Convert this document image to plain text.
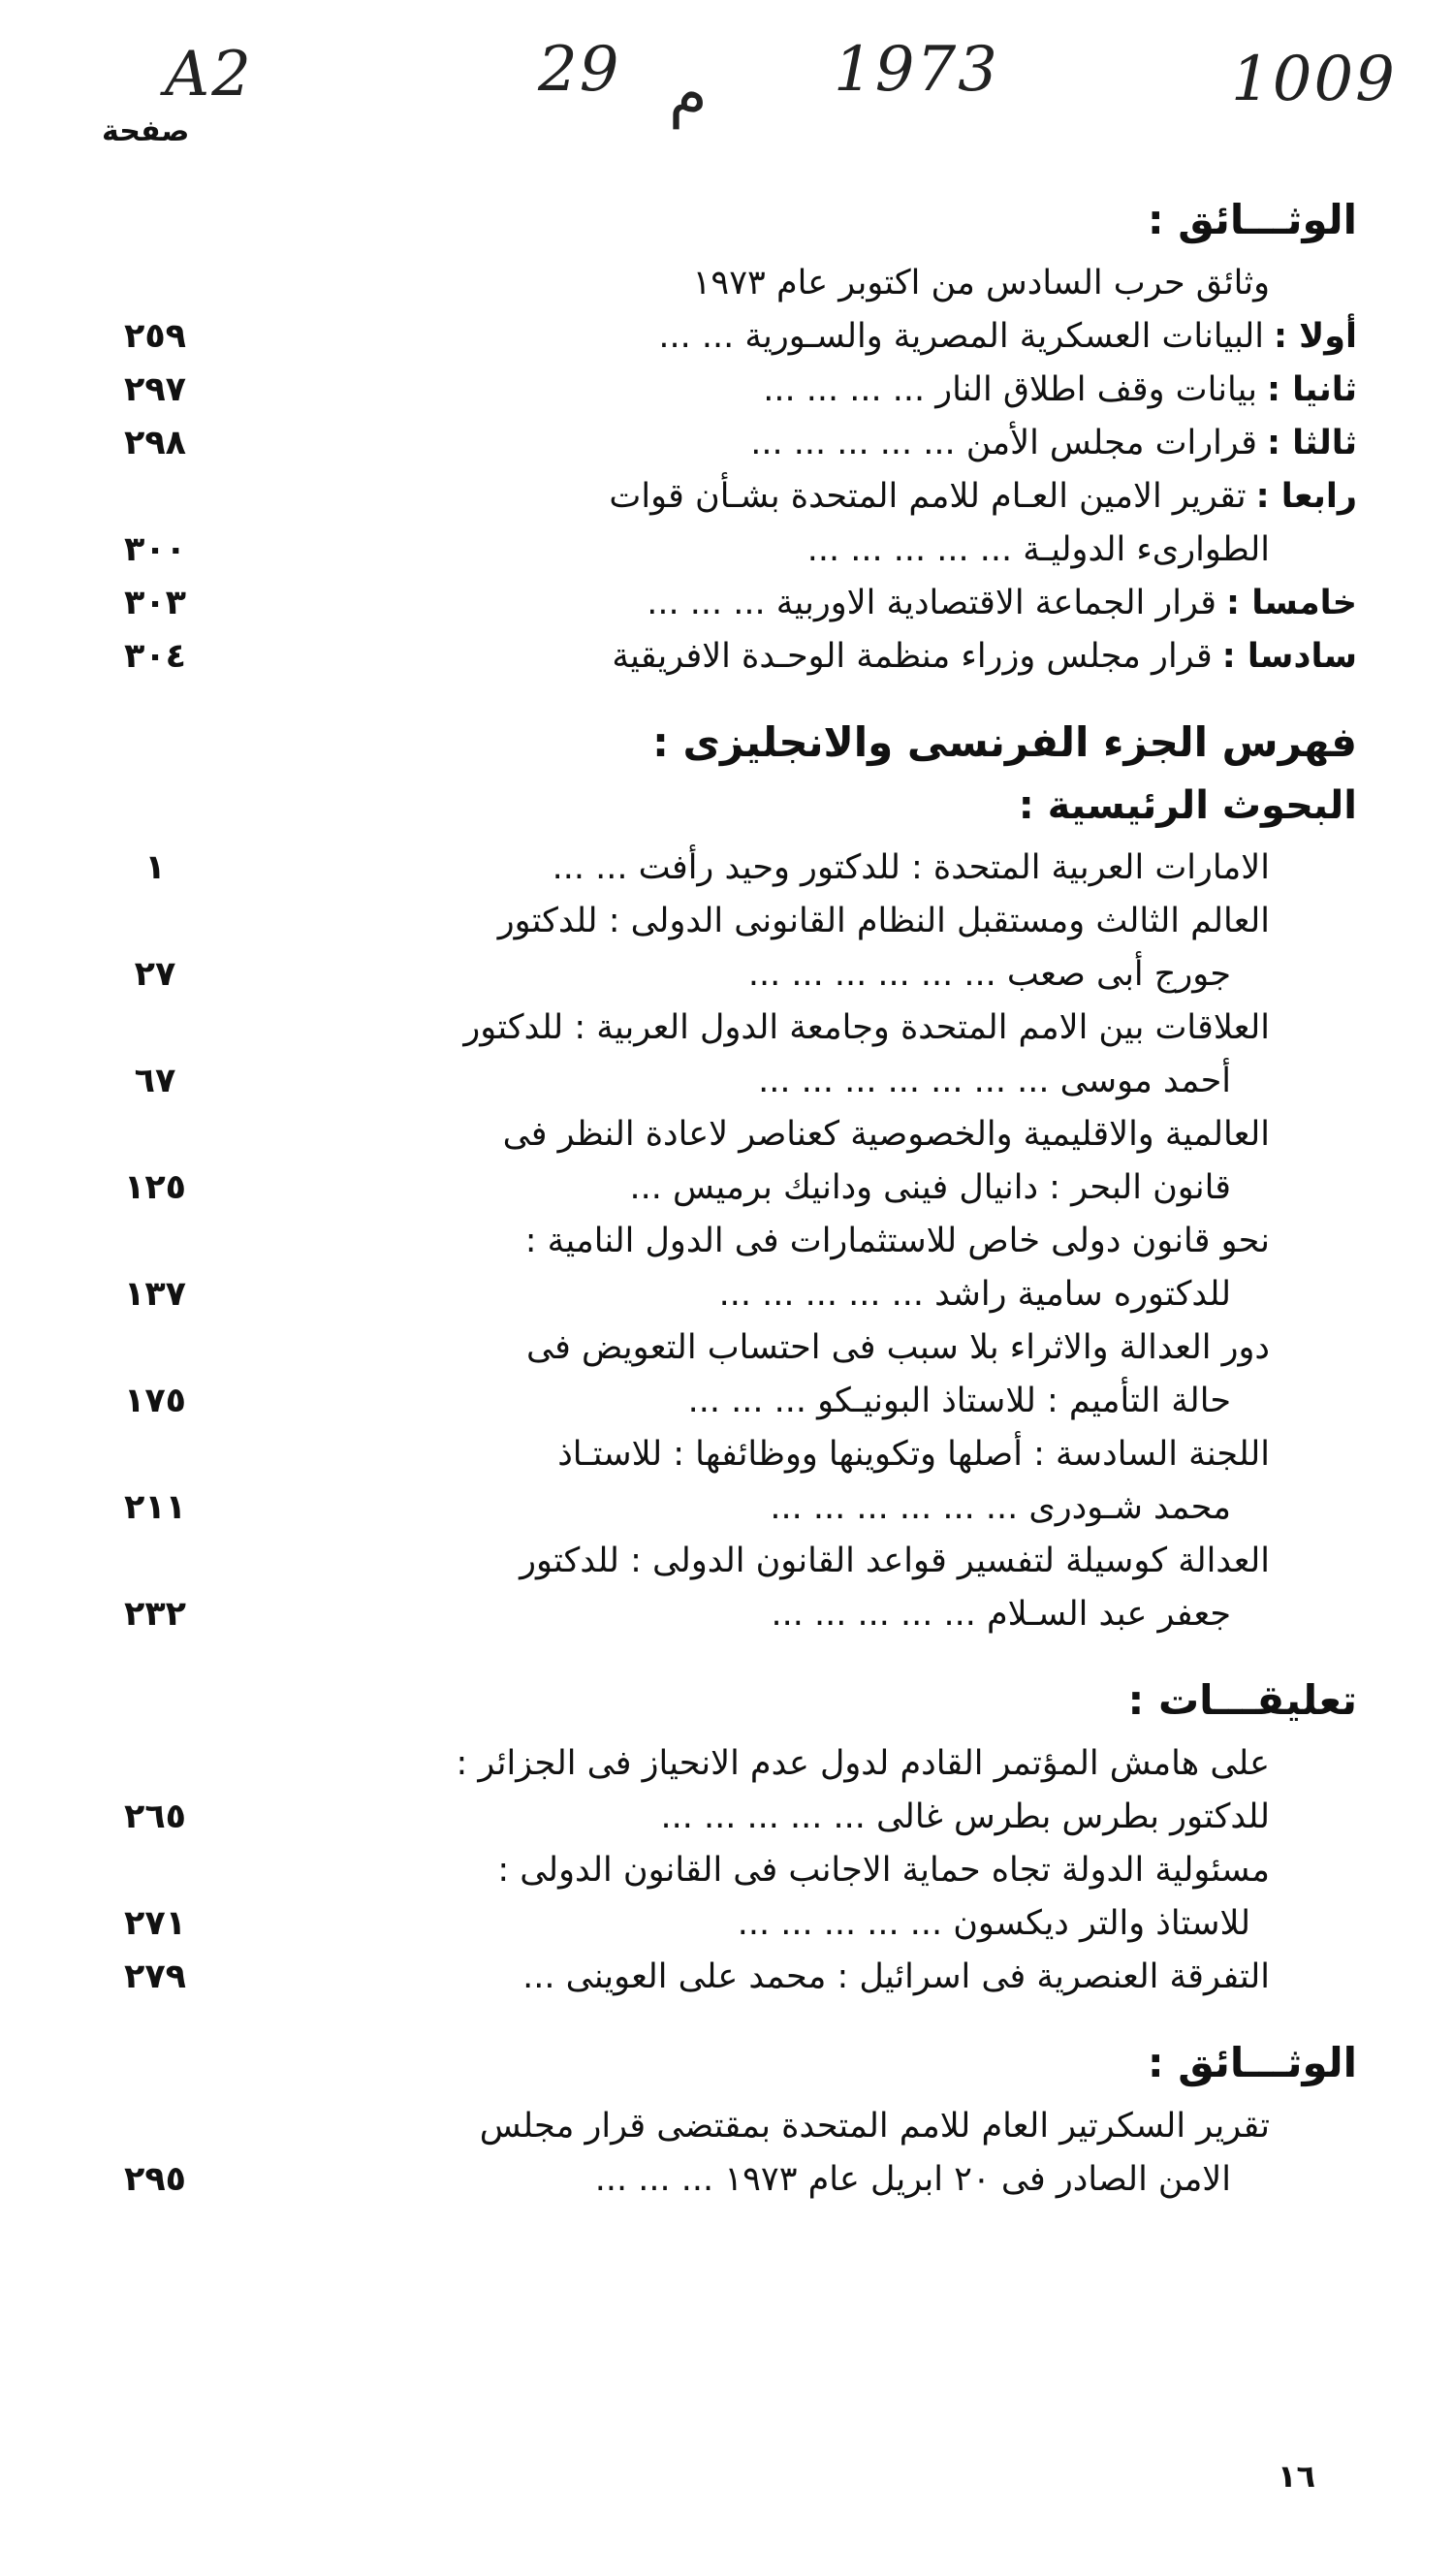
A2	29 م 1973	1009
صفحة
الوثـــائق :
وثائق حرب السادس من اكتوبر عام ١٩٧٣
أولا :البيانات العسكرية المصرية والسـورية ... ...
٢٥٩
ثانيا :بيانات وقف اطلاق النار ... ... ... ...
٢٩٧
ثالثا :قرارات مجلس الأمن ... ... ... ... ...
٢٩٨
رابعا :تقرير الامين العـام للامم المتحدة بشـأن قوات
الطوارىء الدوليـة ... ... ... ... ...
٣٠٠
خامسا :قرار الجماعة الاقتصادية الاوربية ... ... ...
٣٠٣
سادسا :قرار مجلس وزراء منظمة الوحـدة الافريقية
٣٠٤
فهرس الجزء الفرنسى والانجليزى :
البحوث الرئيسية :
الامارات العربية المتحدة : للدكتور وحيد رأفت ... ...
١
العالم الثالث ومستقبل النظام القانونى الدولى : للدكتور
جورج أبى صعب ... ... ... ... ... ...
٢٧
العلاقات بين الامم المتحدة وجامعة الدول العربية : للدكتور
أحمد موسى ... ... ... ... ... ... ...
٦٧
العالمية والاقليمية والخصوصية كعناصر لاعادة النظر فى
قانون البحر : دانيال فينى ودانيك برميس ...
١٢٥
نحو قانون دولى خاص للاستثمارات فى الدول النامية :
للدكتوره سامية راشد ... ... ... ... ...
١٣٧
دور العدالة والاثراء بلا سبب فى احتساب التعويض فى
حالة التأميم : للاستاذ البونيـكو ... ... ...
١٧٥
اللجنة السادسة : أصلها وتكوينها ووظائفها : للاستـاذ
محمد شـودرى ... ... ... ... ... ...
٢١١
العدالة كوسيلة لتفسير قواعد القانون الدولى : للدكتور
جعفر عبد السـلام ... ... ... ... ...
٢٣٢
تعليقـــات :
على هامش المؤتمر القادم لدول عدم الانحياز فى الجزائر :
للدكتور بطرس بطرس غالى ... ... ... ... ...
٢٦٥
مسئولية الدولة تجاه حماية الاجانب فى القانون الدولى :
للاستاذ والتر ديكسون ... ... ... ... ...
٢٧١
التفرقة العنصرية فى اسرائيل : محمد على العوينى ...
٢٧٩
الوثـــائق :
تقرير السكرتير العام للامم المتحدة بمقتضى قرار مجلس
الامن الصادر فى ٢٠ ابريل عام ١٩٧٣ ... ... ...
٢٩٥
١٦
